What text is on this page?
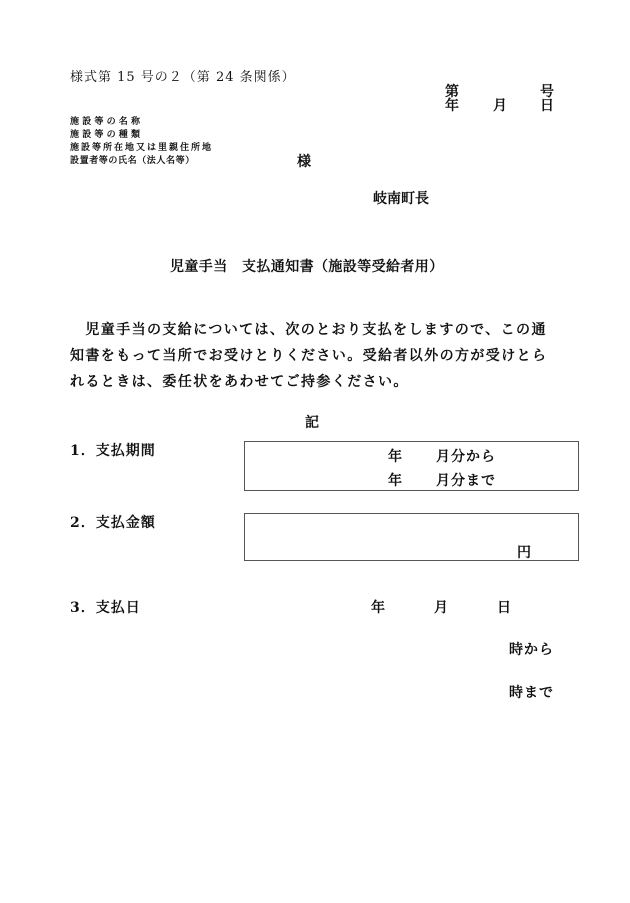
様式第 15 号の２（第 24 条関係）
第	号
年 月 日
施設等の名称
施設等の種類
施設等所在地又は里親住所地
設置者等の氏名（法人名等）	様
岐南町長
児童手当　支払通知書（施設等受給者用）
　児童手当の支給については、次のとおり支払をしますので、この通
知書をもって当所でお受けとりください。受給者以外の方が受けとら
れるときは、委任状をあわせてご持参ください。
記
1．支払期間	年 月分から
年 月分まで
2．支払金額
円
3．支払日	年	月	日
時から
時まで
